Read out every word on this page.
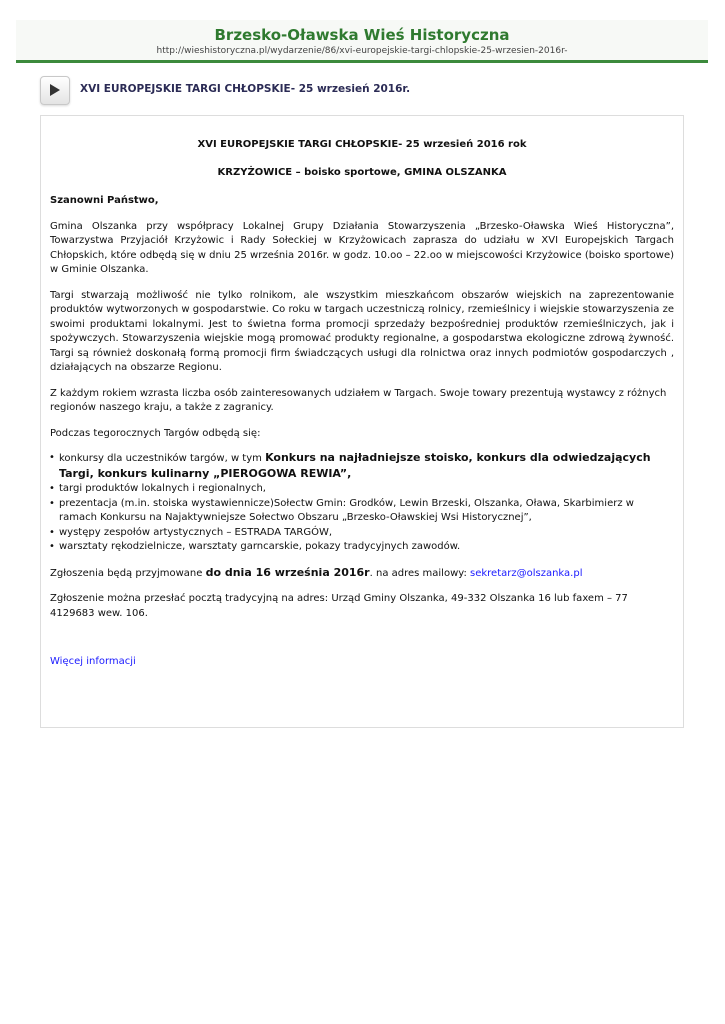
Brzesko-Oławska Wieś Historyczna
http://wieshistoryczna.pl/wydarzenie/86/xvi-europejskie-targi-chlopskie-25-wrzesien-2016r-
XVI EUROPEJSKIE TARGI CHŁOPSKIE- 25 wrzesień 2016r.

XVI EUROPEJSKIE TARGI CHŁOPSKIE- 25 wrzesień 2016 rok

KRZYŻOWICE – boisko sportowe, GMINA OLSZANKA

Szanowni Państwo,

Gmina Olszanka przy współpracy Lokalnej Grupy Działania Stowarzyszenia „Brzesko-Oławska Wieś Historyczna”, Towarzystwa Przyjaciół Krzyżowic i Rady Sołeckiej w Krzyżowicach zaprasza do udziału w XVI Europejskich Targach Chłopskich, które odbędą się w dniu 25 września 2016r. w godz. 10.oo – 22.oo w miejscowości Krzyżowice (boisko sportowe) w Gminie Olszanka.

Targi stwarzają możliwość nie tylko rolnikom, ale wszystkim mieszkańcom obszarów wiejskich na zaprezentowanie produktów wytworzonych w gospodarstwie. Co roku w targach uczestniczą rolnicy, rzemieślnicy i wiejskie stowarzyszenia ze swoimi produktami lokalnymi. Jest to świetna forma promocji sprzedaży bezpośredniej produktów rzemieślniczych, jak i spożywczych. Stowarzyszenia wiejskie mogą promować produkty regionalne, a gospodarstwa ekologiczne zdrową żywność. Targi są również doskonałą formą promocji firm świadczących usługi dla rolnictwa oraz innych podmiotów gospodarczych , działających na obszarze Regionu.

Z każdym rokiem wzrasta liczba osób zainteresowanych udziałem w Targach. Swoje towary prezentują wystawcy z różnych regionów naszego kraju, a także z zagranicy.

Podczas tegorocznych Targów odbędą się:

• konkursy dla uczestników targów, w tym Konkurs na najładniejsze stoisko, konkurs dla odwiedzających Targi, konkurs kulinarny „PIEROGOWA REWIA”,
• targi produktów lokalnych i regionalnych,
• prezentacja (m.in. stoiska wystawiennicze)Sołectw Gmin: Grodków, Lewin Brzeski, Olszanka, Oława, Skarbimierz w ramach Konkursu na Najaktywniejsze Sołectwo Obszaru „Brzesko-Oławskiej Wsi Historycznej”,
• występy zespołów artystycznych – ESTRADA TARGÓW,
• warsztaty rękodzielnicze, warsztaty garncarskie, pokazy tradycyjnych zawodów.

Zgłoszenia będą przyjmowane do dnia 16 września 2016r. na adres mailowy: sekretarz@olszanka.pl

Zgłoszenie można przesłać pocztą tradycyjną na adres: Urząd Gminy Olszanka, 49-332 Olszanka 16 lub faxem – 77 4129683 wew. 106.

Więcej informacji
